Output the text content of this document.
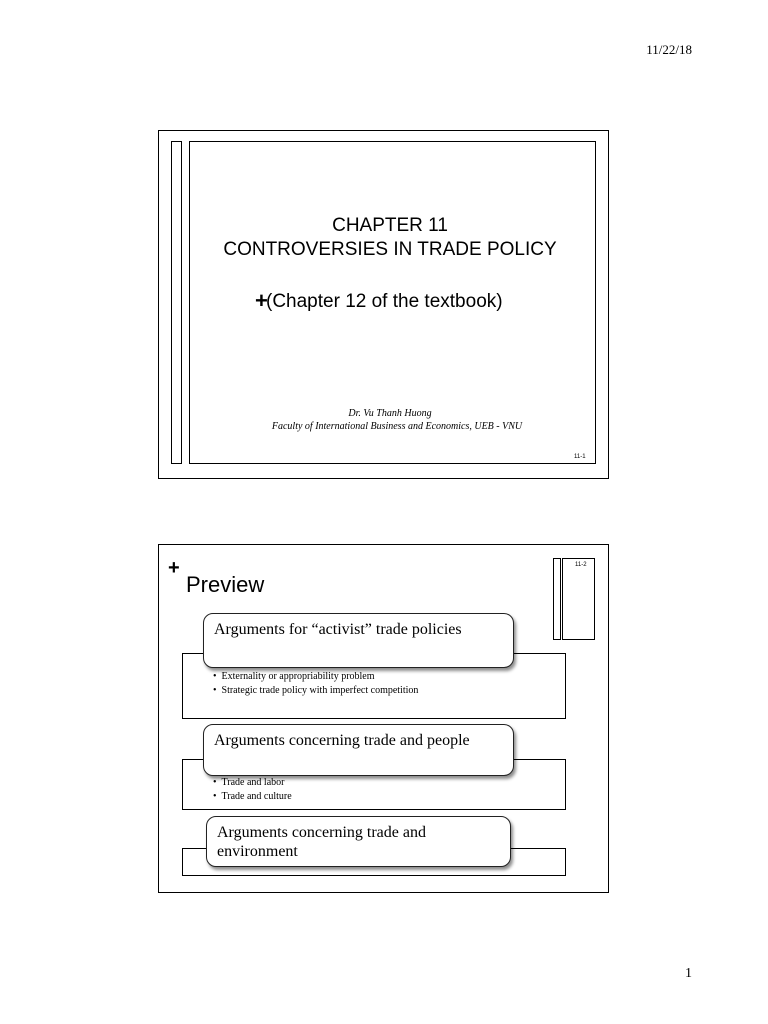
11/22/18
CHAPTER 11
CONTROVERSIES IN TRADE POLICY
+
(Chapter 12 of the textbook)
Dr. Vu Thanh Huong
Faculty of International Business and Economics, UEB - VNU
11-1
+
Preview
11-2
• Externality or appropriability problem
• Strategic trade policy with imperfect competition
• Trade and labor
• Trade and culture
Arguments for “activist” trade policies
Arguments concerning trade and people
Arguments concerning trade and environment
1
